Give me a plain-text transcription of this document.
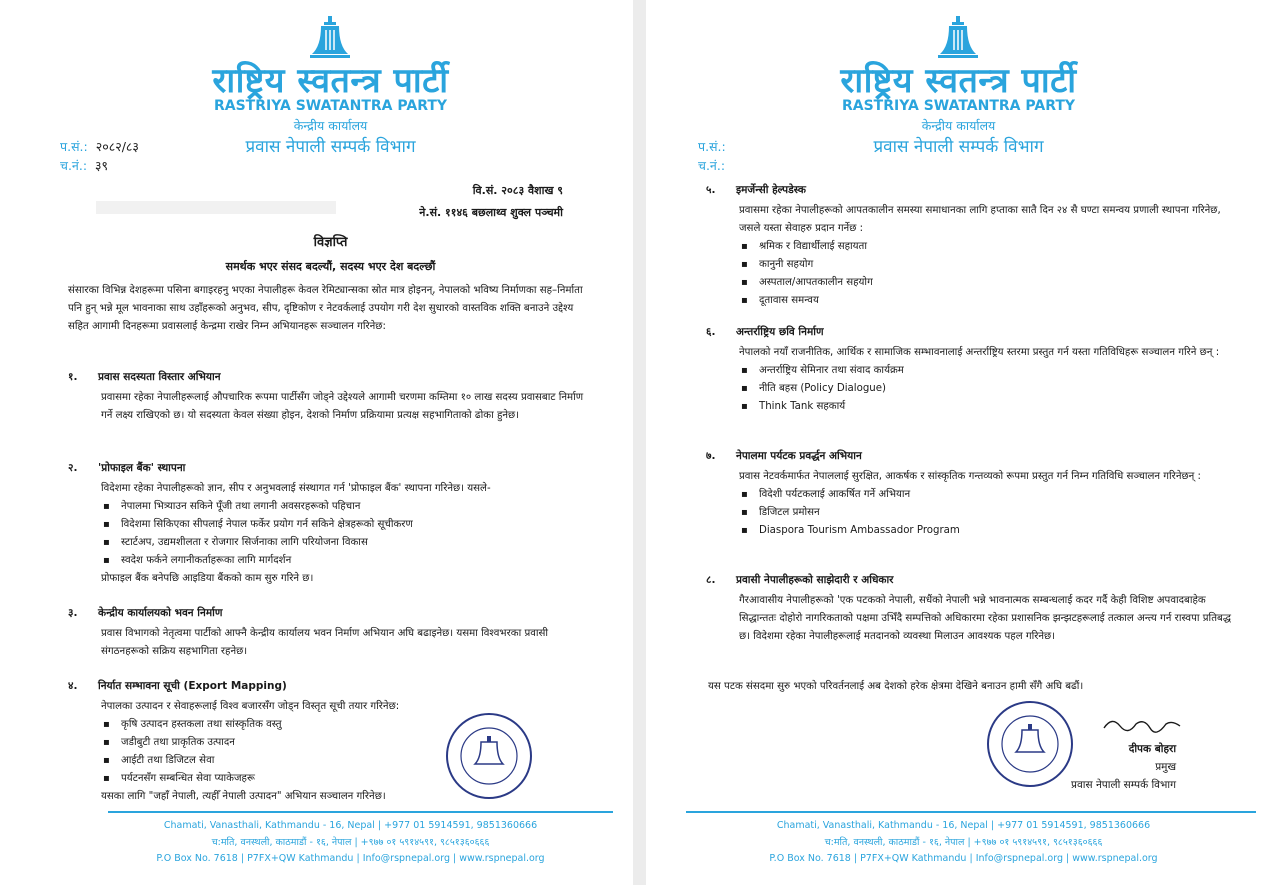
राष्ट्रिय स्वतन्त्र पार्टी
RASTRIYA SWATANTRA PARTY
केन्द्रीय कार्यालय
प्रवास नेपाली सम्पर्क विभाग
प.सं.: २०८२/८३
च.नं.: ३९
वि.सं. २०८३ वैशाख ९
ने.सं. ११४६ बछलाथ्व शुक्ल पञ्चमी
विज्ञप्ति
समर्थक भएर संसद बदल्यौं, सदस्य भएर देश बदल्छौं
संसारका विभिन्न देशहरूमा पसिना बगाइरहनु भएका नेपालीहरू केवल रेमिट्यान्सका स्रोत मात्र होइनन्, नेपालको भविष्य निर्माणका सह–निर्माता पनि हुन् भन्ने मूल भावनाका साथ उहाँहरूको अनुभव, सीप, दृष्टिकोण र नेटवर्कलाई उपयोग गरी देश सुधारको वास्तविक शक्ति बनाउने उद्देश्य सहित आगामी दिनहरूमा प्रवासलाई केन्द्रमा राखेर निम्न अभियानहरू सञ्चालन गरिनेछ:
१.	प्रवास सदस्यता विस्तार अभियान
प्रवासमा रहेका नेपालीहरूलाई औपचारिक रूपमा पार्टीसँग जोड्ने उद्देश्यले आगामी चरणमा कम्तिमा १० लाख सदस्य प्रवासबाट निर्माण गर्ने लक्ष्य राखिएको छ। यो सदस्यता केवल संख्या होइन, देशको निर्माण प्रक्रियामा प्रत्यक्ष सहभागिताको ढोका हुनेछ।
२.	'प्रोफाइल बैंक' स्थापना
विदेशमा रहेका नेपालीहरूको ज्ञान, सीप र अनुभवलाई संस्थागत गर्न 'प्रोफाइल बैंक' स्थापना गरिनेछ। यसले-
▪ नेपालमा भित्र्याउन सकिने पूँजी तथा लगानी अवसरहरूको पहिचान
▪ विदेशमा सिकिएका सीपलाई नेपाल फर्केर प्रयोग गर्न सकिने क्षेत्रहरूको सूचीकरण
▪ स्टार्टअप, उद्यमशीलता र रोजगार सिर्जनाका लागि परियोजना विकास
▪ स्वदेश फर्कने लगानीकर्ताहरूका लागि मार्गदर्शन
प्रोफाइल बैंक बनेपछि आइडिया बैंकको काम सुरु गरिने छ।
३.	केन्द्रीय कार्यालयको भवन निर्माण
प्रवास विभागको नेतृत्वमा पार्टीको आफ्नै केन्द्रीय कार्यालय भवन निर्माण अभियान अघि बढाइनेछ। यसमा विश्वभरका प्रवासी संगठनहरूको सक्रिय सहभागिता रहनेछ।
४.	निर्यात सम्भावना सूची (Export Mapping)
नेपालका उत्पादन र सेवाहरूलाई विश्व बजारसँग जोड्न विस्तृत सूची तयार गरिनेछ:
▪ कृषि उत्पादन हस्तकला तथा सांस्कृतिक वस्तु
▪ जडीबुटी तथा प्राकृतिक उत्पादन
▪ आईटी तथा डिजिटल सेवा
▪ पर्यटनसँग सम्बन्धित सेवा प्याकेजहरू
यसका लागि "जहाँ नेपाली, त्यहीँ नेपाली उत्पादन" अभियान सञ्चालन गरिनेछ।
Chamati, Vanasthali, Kathmandu - 16, Nepal | +977 01 5914591, 9851360666
च:मति, वनस्थली, काठमाडौं - १६, नेपाल | +९७७ ०१ ५९१४५९१, ९८५१३६०६६६
P.O Box No. 7618 | P7FX+QW Kathmandu | Info@rspnepal.org | www.rspnepal.org
राष्ट्रिय स्वतन्त्र पार्टी
RASTRIYA SWATANTRA PARTY
केन्द्रीय कार्यालय
प्रवास नेपाली सम्पर्क विभाग
प.सं.:
च.नं.:
५.	इमर्जेन्सी हेल्पडेस्क
प्रवासमा रहेका नेपालीहरूको आपतकालीन समस्या समाधानका लागि हप्ताका सातै दिन २४ सै घण्टा समन्वय प्रणाली स्थापना गरिनेछ, जसले यस्ता सेवाहरु प्रदान गर्नेछ :
▪ श्रमिक र विद्यार्थीलाई सहायता
▪ कानुनी सहयोग
▪ अस्पताल/आपतकालीन सहयोग
▪ दूतावास समन्वय
६.	अन्तर्राष्ट्रिय छवि निर्माण
नेपालको नयाँ राजनीतिक, आर्थिक र सामाजिक सम्भावनालाई अन्तर्राष्ट्रिय स्तरमा प्रस्तुत गर्न यस्ता गतिविधिहरू सञ्चालन गरिने छन् :
▪ अन्तर्राष्ट्रिय सेमिनार तथा संवाद कार्यक्रम
▪ नीति बहस (Policy Dialogue)
▪ Think Tank सहकार्य
७.	नेपालमा पर्यटक प्रवर्द्धन अभियान
प्रवास नेटवर्कमार्फत नेपाललाई सुरक्षित, आकर्षक र सांस्कृतिक गन्तव्यको रूपमा प्रस्तुत गर्न निम्न गतिविधि सञ्चालन गरिनेछन् :
▪ विदेशी पर्यटकलाई आकर्षित गर्ने अभियान
▪ डिजिटल प्रमोसन
▪ Diaspora Tourism Ambassador Program
८.	प्रवासी नेपालीहरूको साझेदारी र अधिकार
गैरआवासीय नेपालीहरूको 'एक पटकको नेपाली, सधैंको नेपाली भन्ने भावनात्मक सम्बन्धलाई कदर गर्दै केही विशिष्ट अपवादबाहेक सिद्धान्ततः दोहोरो नागरिकताको पक्षमा उभिँदै सम्पत्तिको अधिकारमा रहेका प्रशासनिक झन्झटहरूलाई तत्काल अन्त्य गर्न रास्वपा प्रतिबद्ध छ। विदेशमा रहेका नेपालीहरूलाई मतदानको व्यवस्था मिलाउन आवश्यक पहल गरिनेछ।
यस पटक संसदमा सुरु भएको परिवर्तनलाई अब देशको हरेक क्षेत्रमा देखिने बनाउन हामी सँगै अघि बढौं।
दीपक बोहरा
प्रमुख
प्रवास नेपाली सम्पर्क विभाग
Chamati, Vanasthali, Kathmandu - 16, Nepal | +977 01 5914591, 9851360666
च:मति, वनस्थली, काठमाडौं - १६, नेपाल | +९७७ ०१ ५९१४५९१, ९८५१३६०६६६
P.O Box No. 7618 | P7FX+QW Kathmandu | Info@rspnepal.org | www.rspnepal.org
